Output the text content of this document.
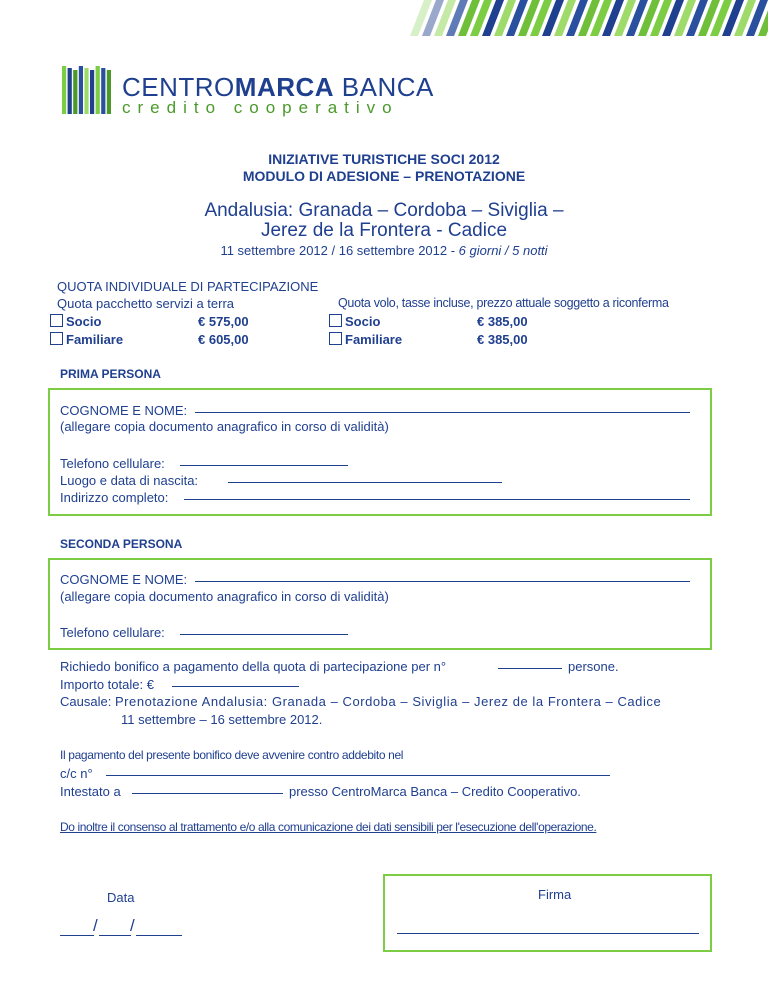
CENTROMARCA BANCA
credito cooperativo
INIZIATIVE TURISTICHE SOCI 2012
MODULO DI ADESIONE – PRENOTAZIONE
Andalusia: Granada – Cordoba – Siviglia –
Jerez de la Frontera - Cadice
11 settembre 2012 / 16 settembre 2012 - 6 giorni / 5 notti
QUOTA INDIVIDUALE DI PARTECIPAZIONE
Quota pacchetto servizi a terra	Quota volo, tasse incluse, prezzo attuale soggetto a riconferma
Socio	€ 575,00
Familiare	€ 605,00
Socio	€ 385,00
Familiare	€ 385,00
PRIMA PERSONA
COGNOME E NOME:
(allegare copia documento anagrafico in corso di validità)
Telefono cellulare:
Luogo e data di nascita:
Indirizzo completo:
SECONDA PERSONA
COGNOME E NOME:
(allegare copia documento anagrafico in corso di validità)
Telefono cellulare:
Richiedo bonifico a pagamento della quota di partecipazione per n°	persone.
Importo totale: €
Causale: Prenotazione Andalusia: Granada – Cordoba – Siviglia – Jerez de la Frontera – Cadice
11 settembre – 16 settembre 2012.
Il pagamento del presente bonifico deve avvenire contro addebito nel
c/c n°
Intestato a	presso CentroMarca Banca – Credito Cooperativo.
Do inoltre il consenso al trattamento e/o alla comunicazione dei dati sensibili per l'esecuzione dell'operazione.
Data
/ /
Firma
